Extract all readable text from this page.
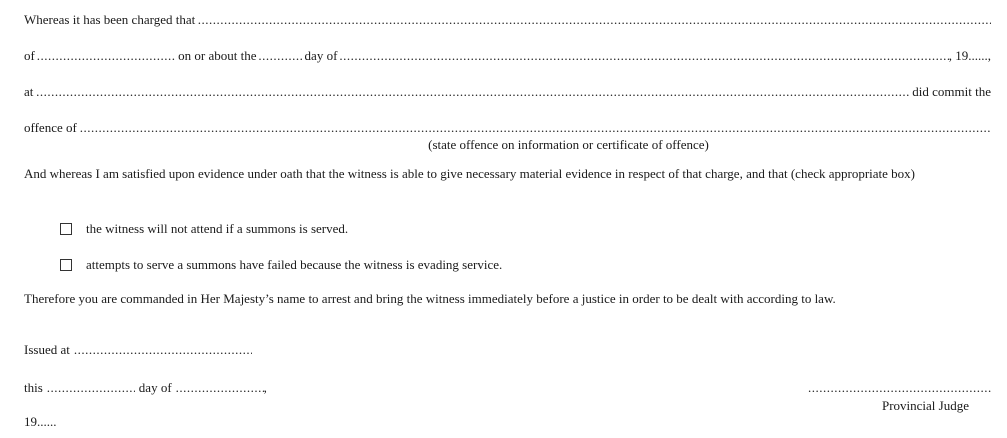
Whereas it has been charged that
.....
of .....	on or about the .....	day of .....	, 19......,
at .....	did commit the
offence of
.....
(state offence on information or certificate of offence)
And whereas I am satisfied upon evidence under oath that the witness is able to give necessary material evidence in respect of that charge, and that (check appropriate box)
the witness will not attend if a summons is served.
attempts to serve a summons have failed because the witness is evading service.
Therefore you are commanded in Her Majesty’s name to arrest and bring the witness immediately before a justice in order to be dealt with according to law.
Issued at.....
this .....	day of .....	,
19......
.....
Provincial Judge
